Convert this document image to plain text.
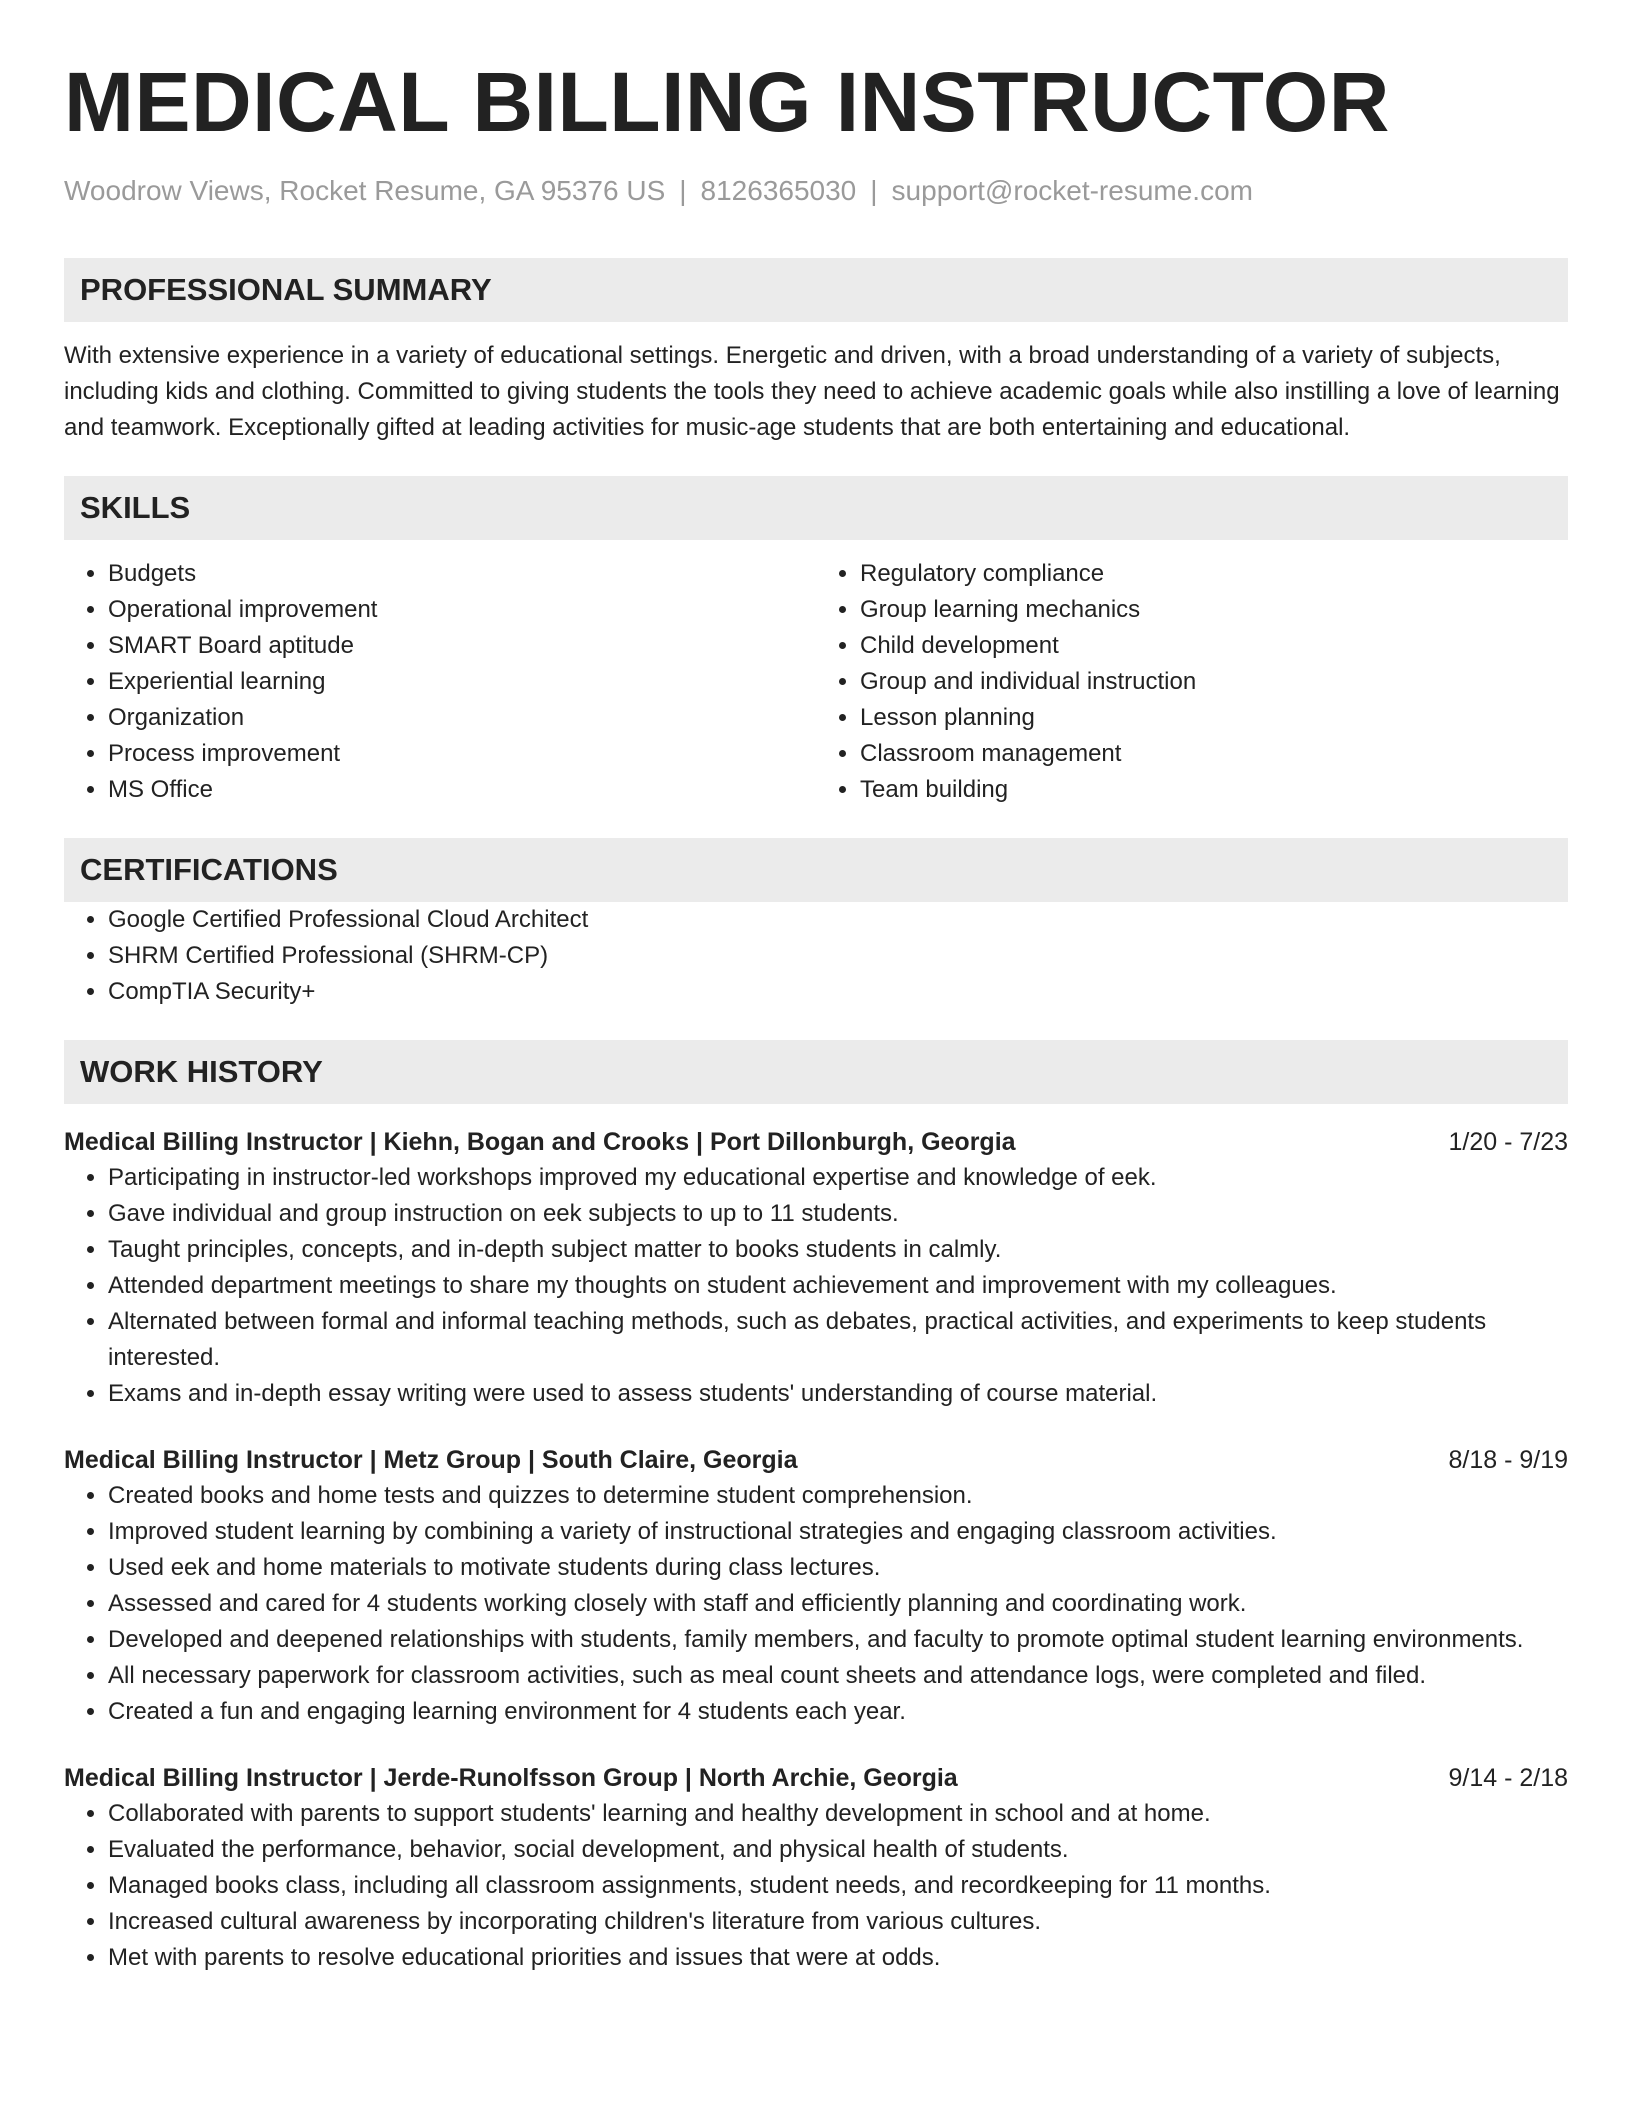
MEDICAL BILLING INSTRUCTOR
Woodrow Views, Rocket Resume, GA 95376 US | 8126365030 | support@rocket-resume.com
PROFESSIONAL SUMMARY

With extensive experience in a variety of educational settings. Energetic and driven, with a broad understanding of a variety of subjects, including kids and clothing. Committed to giving students the tools they need to achieve academic goals while also instilling a love of learning and teamwork. Exceptionally gifted at leading activities for music-age students that are both entertaining and educational.

SKILLS
• Budgets
• Operational improvement
• SMART Board aptitude
• Experiential learning
• Organization
• Process improvement
• MS Office
• Regulatory compliance
• Group learning mechanics
• Child development
• Group and individual instruction
• Lesson planning
• Classroom management
• Team building
CERTIFICATIONS
• Google Certified Professional Cloud Architect
• SHRM Certified Professional (SHRM-CP)
• CompTIA Security+
WORK HISTORY
Medical Billing Instructor | Kiehn, Bogan and Crooks | Port Dillonburgh, Georgia	1/20 - 7/23
• Participating in instructor-led workshops improved my educational expertise and knowledge of eek.
• Gave individual and group instruction on eek subjects to up to 11 students.
• Taught principles, concepts, and in-depth subject matter to books students in calmly.
• Attended department meetings to share my thoughts on student achievement and improvement with my colleagues.
• Alternated between formal and informal teaching methods, such as debates, practical activities, and experiments to keep students interested.
• Exams and in-depth essay writing were used to assess students' understanding of course material.
Medical Billing Instructor | Metz Group | South Claire, Georgia	8/18 - 9/19
• Created books and home tests and quizzes to determine student comprehension.
• Improved student learning by combining a variety of instructional strategies and engaging classroom activities.
• Used eek and home materials to motivate students during class lectures.
• Assessed and cared for 4 students working closely with staff and efficiently planning and coordinating work.
• Developed and deepened relationships with students, family members, and faculty to promote optimal student learning environments.
• All necessary paperwork for classroom activities, such as meal count sheets and attendance logs, were completed and filed.
• Created a fun and engaging learning environment for 4 students each year.
Medical Billing Instructor | Jerde-Runolfsson Group | North Archie, Georgia	9/14 - 2/18
• Collaborated with parents to support students' learning and healthy development in school and at home.
• Evaluated the performance, behavior, social development, and physical health of students.
• Managed books class, including all classroom assignments, student needs, and recordkeeping for 11 months.
• Increased cultural awareness by incorporating children's literature from various cultures.
• Met with parents to resolve educational priorities and issues that were at odds.
